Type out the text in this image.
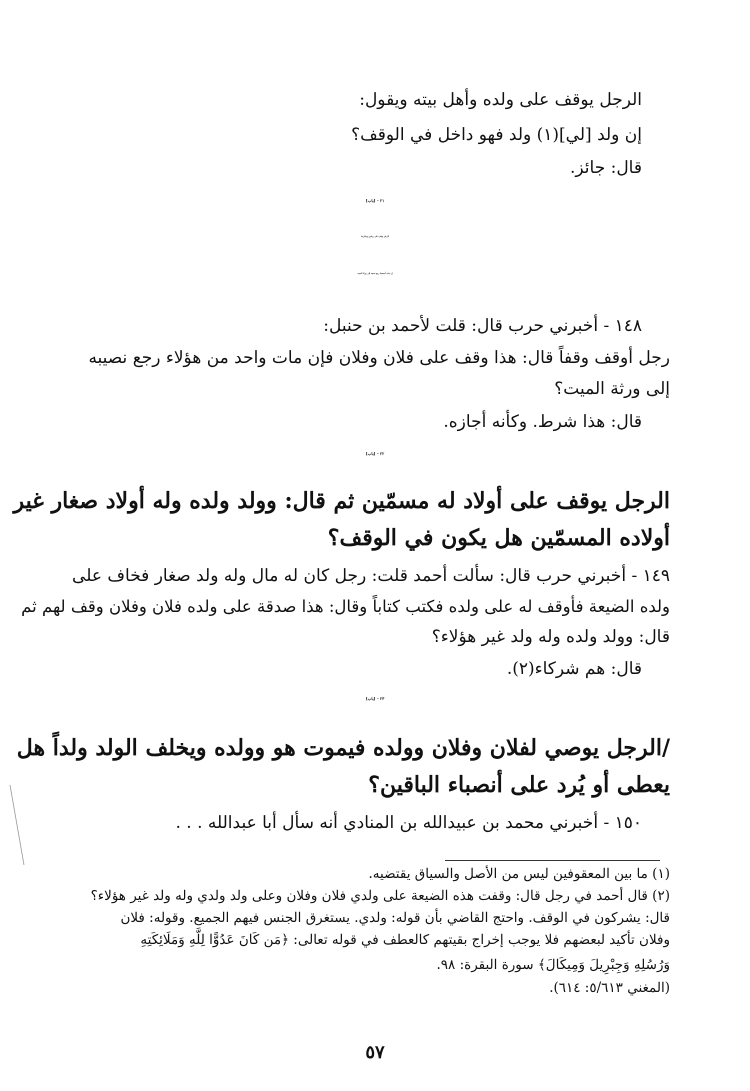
الرجل يوقف على ولده وأهل بيته ويقول:
إن ولد [لي](١) ولد فهو داخل في الوقف؟
قال: جائز.
٢١ - [باب]
الرجل يوقف على رجلين ويشترط
إن مات أحدهما رجع نصيبه إلى ورثة الميت
١٤٨ - أخبرني حرب قال: قلت لأحمد بن حنبل:
رجل أوقف وقفاً قال: هذا وقف على فلان وفلان فإن مات واحد من هؤلاء رجع نصيبه
إلى ورثة الميت؟
قال: هذا شرط. وكأنه أجازه.
٢٢ - [باب]
الرجل يوقف على أولاد له مسمّين ثم قال: وولد ولده وله أولاد صغار غير
أولاده المسمّين هل يكون في الوقف؟
١٤٩ - أخبرني حرب قال: سألت أحمد قلت: رجل كان له مال وله ولد صغار فخاف على
ولده الضيعة فأوقف له على ولده فكتب كتاباً وقال: هذا صدقة على ولده فلان وفلان وقف لهم ثم
قال: وولد ولده وله ولد غير هؤلاء؟
قال: هم شركاء(٢).
٢٣ - [باب]
/الرجل يوصي لفلان وفلان وولده فيموت هو وولده ويخلف الولد ولداً هل
يعطى أو يُرد على أنصباء الباقين؟
١٥٠ - أخبرني محمد بن عبيدالله بن المنادي أنه سأل أبا عبدالله . . .
(١) ما بين المعقوفين ليس من الأصل والسياق يقتضيه.
(٢) قال أحمد في رجل قال: وقفت هذه الضيعة على ولدي فلان وفلان وعلى ولد ولدي وله ولد غير هؤلاء؟
قال: يشركون في الوقف. واحتج القاضي بأن قوله: ولدي. يستغرق الجنس فيهم الجميع. وقوله: فلان
وفلان تأكيد لبعضهم فلا يوجب إخراج بقيتهم كالعطف في قوله تعالى: ﴿مَن كَانَ عَدُوًّا لِلَّهِ وَمَلَائِكَتِهِ
وَرُسُلِهِ وَجِبْرِيلَ وَمِيكَالَ﴾ سورة البقرة: ٩٨.
(المغني ٥/٦١٣: ٦١٤).
٥٧
